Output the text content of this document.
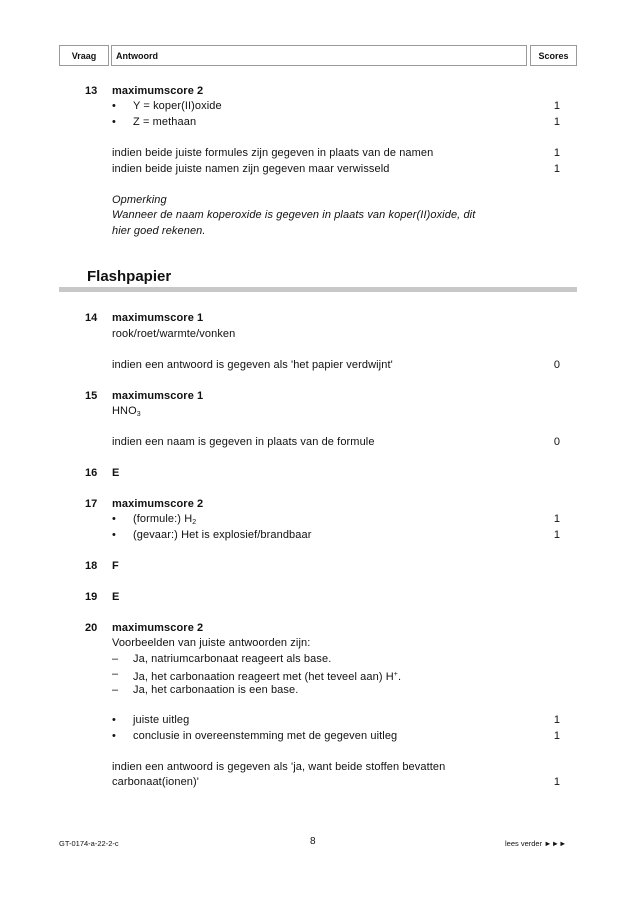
Vraag	Antwoord	Scores
13 maximumscore 2
• Y = koper(II)oxide	1
• Z = methaan	1
indien beide juiste formules zijn gegeven in plaats van de namen	1
indien beide juiste namen zijn gegeven maar verwisseld	1
Opmerking
Wanneer de naam koperoxide is gegeven in plaats van koper(II)oxide, dit
hier goed rekenen.
Flashpapier
14 maximumscore 1
rook/roet/warmte/vonken
indien een antwoord is gegeven als 'het papier verdwijnt'	0
15 maximumscore 1
$HNO_3$
indien een naam is gegeven in plaats van de formule	0
16 E
17 maximumscore 2
• (formule:) $H_2$	1
• (gevaar:) Het is explosief/brandbaar	1
18 F
19 E
20 maximumscore 2
Voorbeelden van juiste antwoorden zijn:
– Ja, natriumcarbonaat reageert als base.
– Ja, het carbonaation reageert met (het teveel aan) H+.
– Ja, het carbonaation is een base.
• juiste uitleg	1
• conclusie in overeenstemming met de gegeven uitleg	1
indien een antwoord is gegeven als 'ja, want beide stoffen bevatten
carbonaat(ionen)'	1
GT-0174-a-22-2-c	8	lees verder ►►►
